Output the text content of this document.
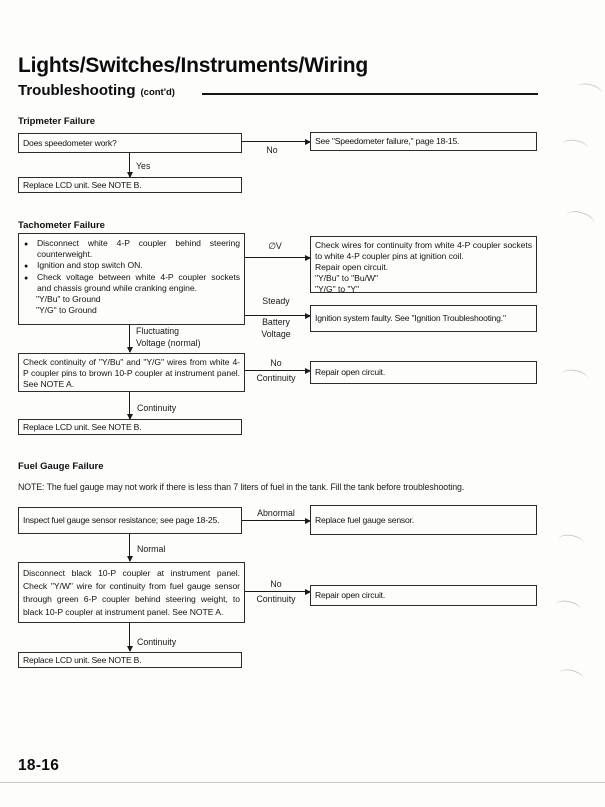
Lights/Switches/Instruments/Wiring
Troubleshooting (cont'd)
Tripmeter Failure
Does speedometer work?
No
See "Speedometer failure," page 18-15.
Yes
Replace LCD unit. See NOTE B.
Tachometer Failure
●	Disconnect white 4-P coupler behind steering counterweight.
●	Ignition and stop switch ON.
●	Check voltage between white 4-P coupler sockets and chassis ground while cranking engine.
"Y/Bu" to Ground
"Y/G" to Ground
∅V	Check wires for continuity from white 4-P coupler sockets to white 4-P coupler pins at ignition coil.
Repair open circuit.
"Y/Bu" to "Bu/W"
"Y/G" to "Y"
Steady
Battery
Voltage
Ignition system faulty. See "Ignition Troubleshooting."
Fluctuating
Voltage (normal)
Check continuity of "Y/Bu" and "Y/G" wires from white 4-P coupler pins to brown 10-P coupler at instrument panel. See NOTE A.
No
Continuity
Repair open circuit.
Continuity
Replace LCD unit. See NOTE B.
Fuel Gauge Failure
NOTE: The fuel gauge may not work if there is less than 7 liters of fuel in the tank. Fill the tank before troubleshooting.
Inspect fuel gauge sensor resistance; see page 18-25.
Abnormal
Replace fuel gauge sensor.
Normal
Disconnect black 10-P coupler at instrument panel. Check "Y/W" wire for continuity from fuel gauge sensor through green 6-P coupler behind steering weight, to black 10-P coupler at instrument panel. See NOTE A.
No
Continuity	Repair open circuit.
Continuity
Replace LCD unit. See NOTE B.
18-16
